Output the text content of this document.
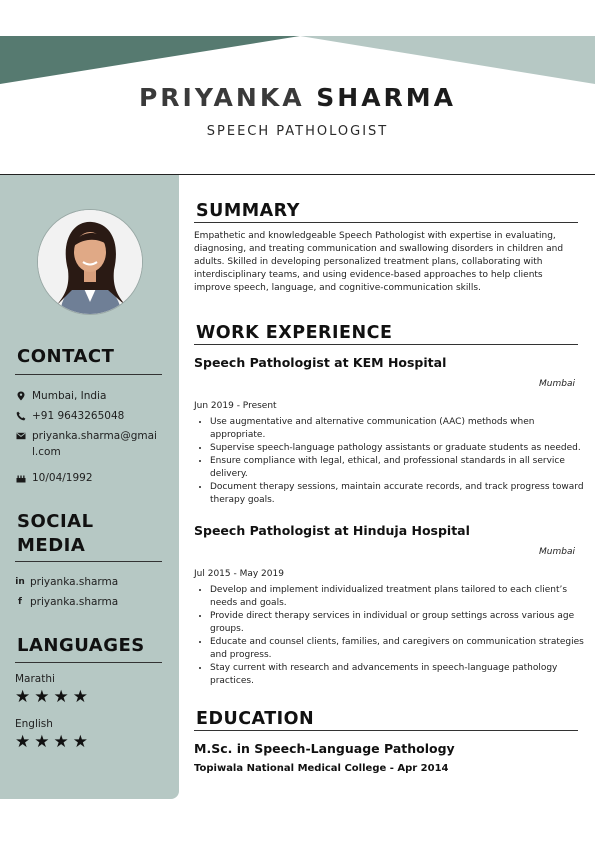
PRIYANKA SHARMA
SPEECH PATHOLOGIST
CONTACT
Mumbai, India
+91 9643265048
priyanka.sharma@gmail.com
10/04/1992
SOCIAL
MEDIA
in priyanka.sharma
f priyanka.sharma
LANGUAGES
Marathi
★★★★
English
★★★★
SUMMARY

Empathetic and knowledgeable Speech Pathologist with expertise in evaluating, diagnosing, and treating communication and swallowing disorders in children and adults. Skilled in developing personalized treatment plans, collaborating with interdisciplinary teams, and using evidence-based approaches to help clients improve speech, language, and cognitive-communication skills.

WORK EXPERIENCE
Speech Pathologist at KEM Hospital
Mumbai
Jun 2019 - Present
• Use augmentative and alternative communication (AAC) methods when appropriate.
• Supervise speech-language pathology assistants or graduate students as needed.
• Ensure compliance with legal, ethical, and professional standards in all service delivery.
• Document therapy sessions, maintain accurate records, and track progress toward therapy goals.
Speech Pathologist at Hinduja Hospital
Mumbai
Jul 2015 - May 2019
• Develop and implement individualized treatment plans tailored to each client’s needs and goals.
• Provide direct therapy services in individual or group settings across various age groups.
• Educate and counsel clients, families, and caregivers on communication strategies and progress.
• Stay current with research and advancements in speech-language pathology practices.
EDUCATION
M.Sc. in Speech-Language Pathology
Topiwala National Medical College - Apr 2014
